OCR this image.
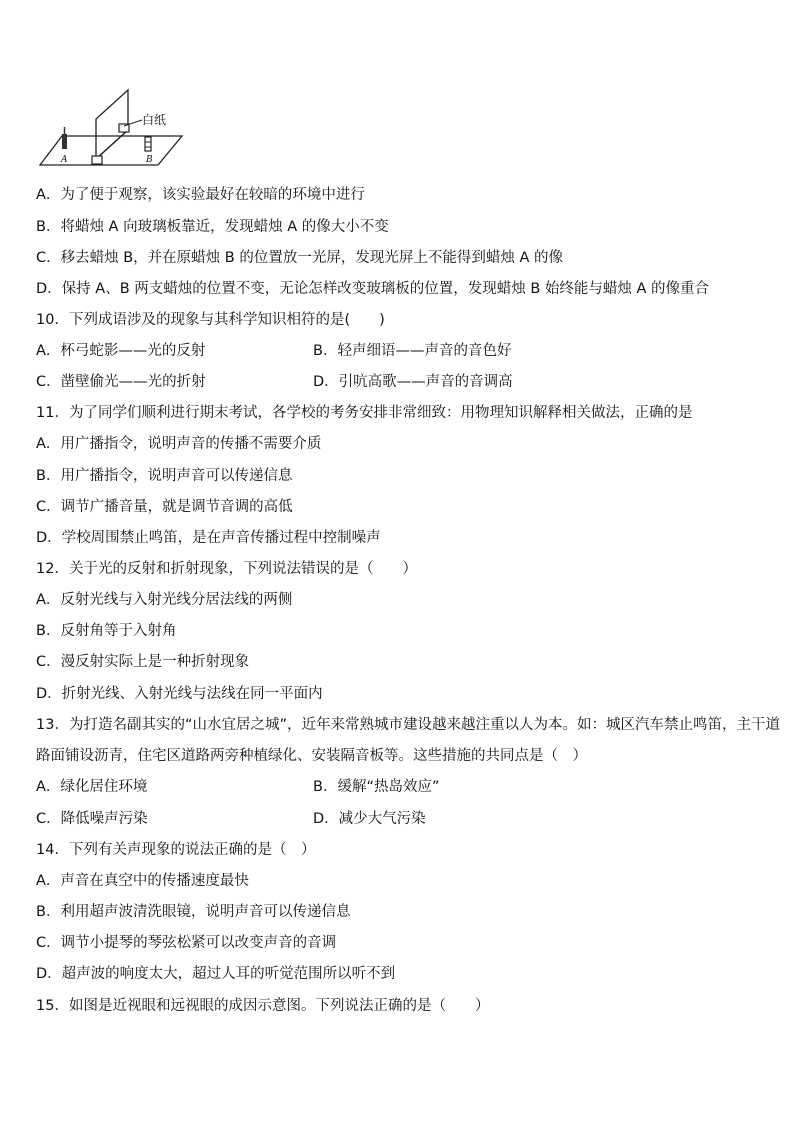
白纸
A	B
A．为了便于观察，该实验最好在较暗的环境中进行
B．将蜡烛 A 向玻璃板靠近，发现蜡烛 A 的像大小不变
C．移去蜡烛 B，并在原蜡烛 B 的位置放一光屏，发现光屏上不能得到蜡烛 A 的像
D．保持 A、B 两支蜡烛的位置不变，无论怎样改变玻璃板的位置，发现蜡烛 B 始终能与蜡烛 A 的像重合
10．下列成语涉及的现象与其科学知识相符的是(　　)
A．杯弓蛇影——光的反射	B．轻声细语——声音的音色好
C．凿壁偷光——光的折射	D．引吭高歌——声音的音调高
11．为了同学们顺利进行期末考试，各学校的考务安排非常细致：用物理知识解释相关做法，正确的是
A．用广播指令，说明声音的传播不需要介质
B．用广播指令，说明声音可以传递信息
C．调节广播音量，就是调节音调的高低
D．学校周围禁止鸣笛，是在声音传播过程中控制噪声
12．关于光的反射和折射现象，下列说法错误的是（　　）
A．反射光线与入射光线分居法线的两侧
B．反射角等于入射角
C．漫反射实际上是一种折射现象
D．折射光线、入射光线与法线在同一平面内
13．为打造名副其实的“山水宜居之城”，近年来常熟城市建设越来越注重以人为本。如：城区汽车禁止鸣笛，主干道
路面铺设沥青，住宅区道路两旁种植绿化、安装隔音板等。这些措施的共同点是（　）
A．绿化居住环境	B．缓解“热岛效应”
C．降低噪声污染	D．减少大气污染
14．下列有关声现象的说法正确的是（　）
A．声音在真空中的传播速度最快
B．利用超声波清洗眼镜，说明声音可以传递信息
C．调节小提琴的琴弦松紧可以改变声音的音调
D．超声波的响度太大，超过人耳的听觉范围所以听不到
15．如图是近视眼和远视眼的成因示意图。下列说法正确的是（　　）
